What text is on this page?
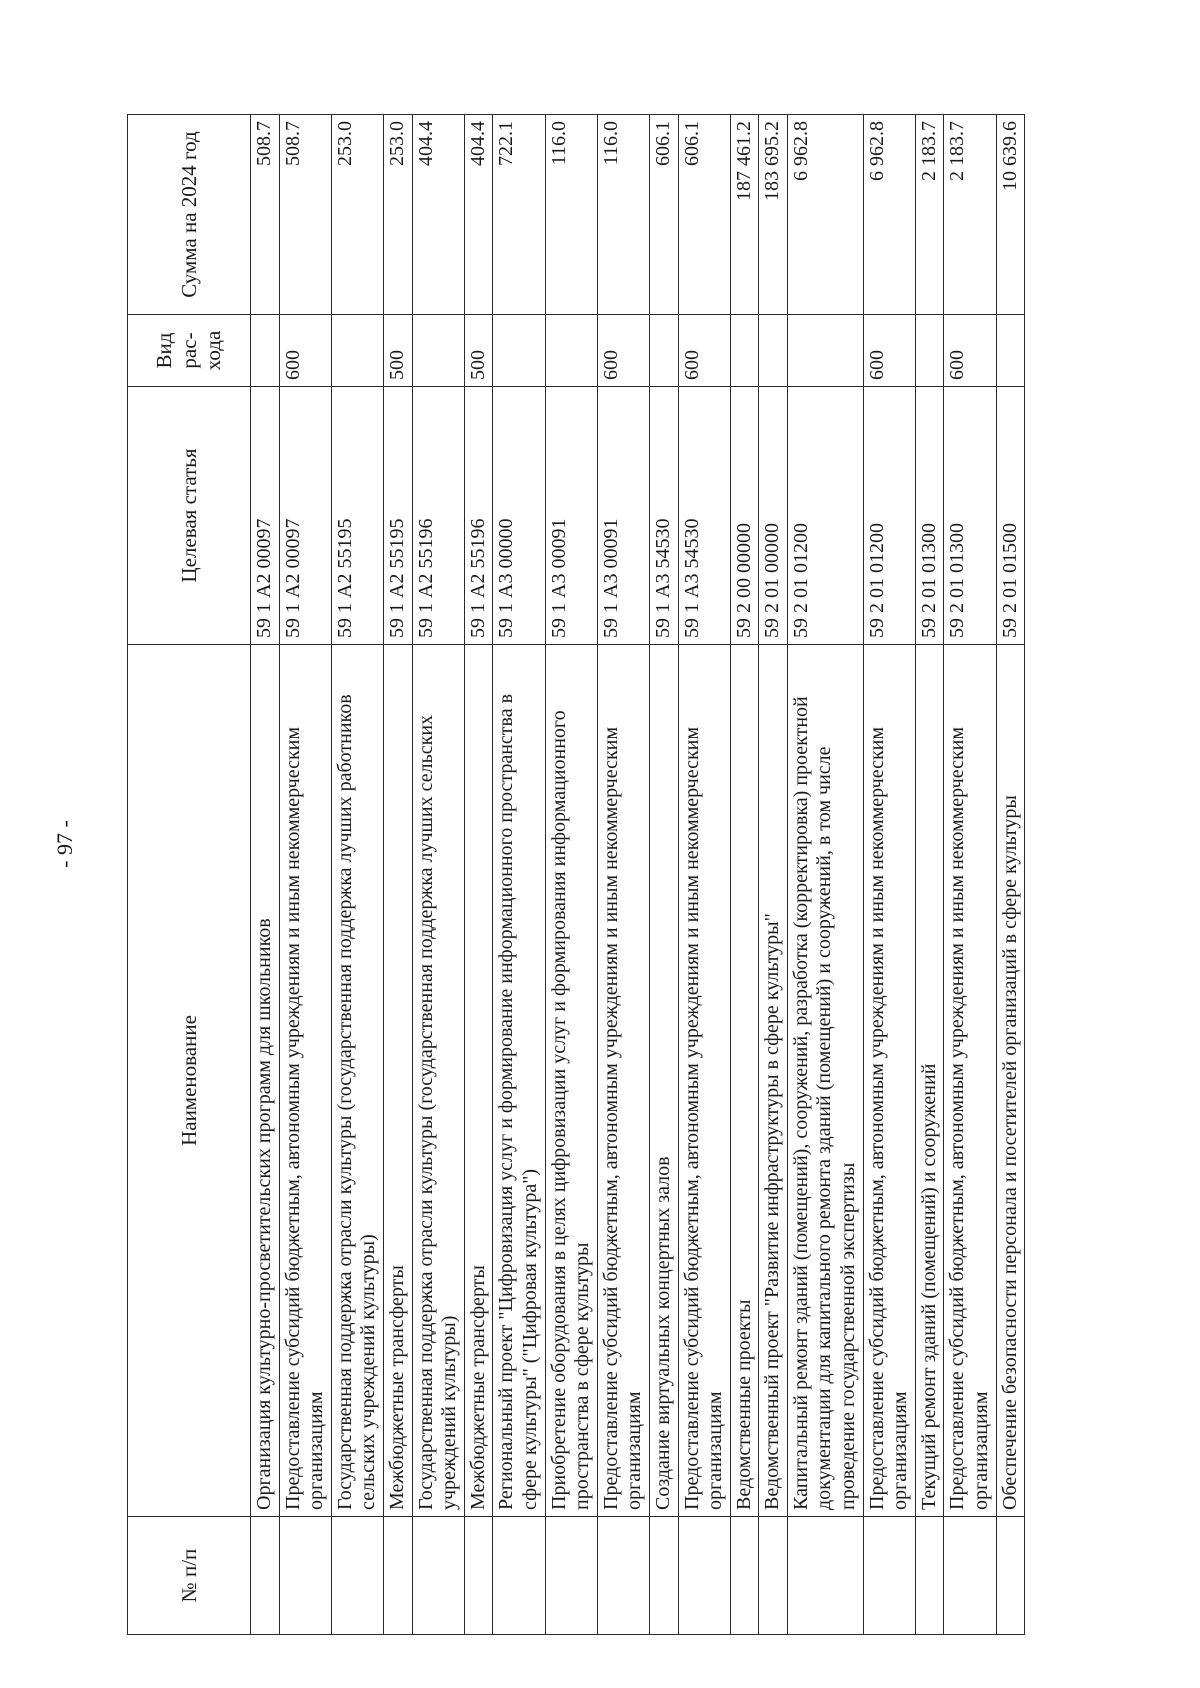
- 97 -
№ п/п	Наименование	Целевая статья	Вид рас- хода	Сумма на 2024 год
	Организация культурно-просветительских программ для школьников	59 1 А2 00097		508.7
	Предоставление субсидий бюджетным, автономным учреждениям и иным некоммерческим организациям	59 1 А2 00097	600	508.7
	Государственная поддержка отрасли культуры (государственная поддержка лучших работников сельских учреждений культуры)	59 1 А2 55195		253.0
	Межбюджетные трансферты	59 1 А2 55195	500	253.0
	Государственная поддержка отрасли культуры (государственная поддержка лучших сельских учреждений культуры)	59 1 А2 55196		404.4
	Межбюджетные трансферты	59 1 А2 55196	500	404.4
	Региональный проект "Цифровизация услуг и формирование информационного пространства в сфере культуры" ("Цифровая культура")	59 1 А3 00000		722.1
	Приобретение оборудования в целях цифровизации услуг и формирования информационного пространства в сфере культуры	59 1 А3 00091		116.0
	Предоставление субсидий бюджетным, автономным учреждениям и иным некоммерческим организациям	59 1 А3 00091	600	116.0
	Создание виртуальных концертных залов	59 1 А3 54530		606.1
	Предоставление субсидий бюджетным, автономным учреждениям и иным некоммерческим организациям	59 1 А3 54530	600	606.1
	Ведомственные проекты	59 2 00 00000		187 461.2
	Ведомственный проект "Развитие инфраструктуры в сфере культуры"	59 2 01 00000		183 695.2
	Капитальный ремонт зданий (помещений), сооружений, разработка (корректировка) проектной документации для капитального ремонта зданий (помещений) и сооружений, в том числе проведение государственной экспертизы	59 2 01 01200		6 962.8
	Предоставление субсидий бюджетным, автономным учреждениям и иным некоммерческим организациям	59 2 01 01200	600	6 962.8
	Текущий ремонт зданий (помещений) и сооружений	59 2 01 01300		2 183.7
	Предоставление субсидий бюджетным, автономным учреждениям и иным некоммерческим организациям	59 2 01 01300	600	2 183.7
	Обеспечение безопасности персонала и посетителей организаций в сфере культуры	59 2 01 01500		10 639.6
